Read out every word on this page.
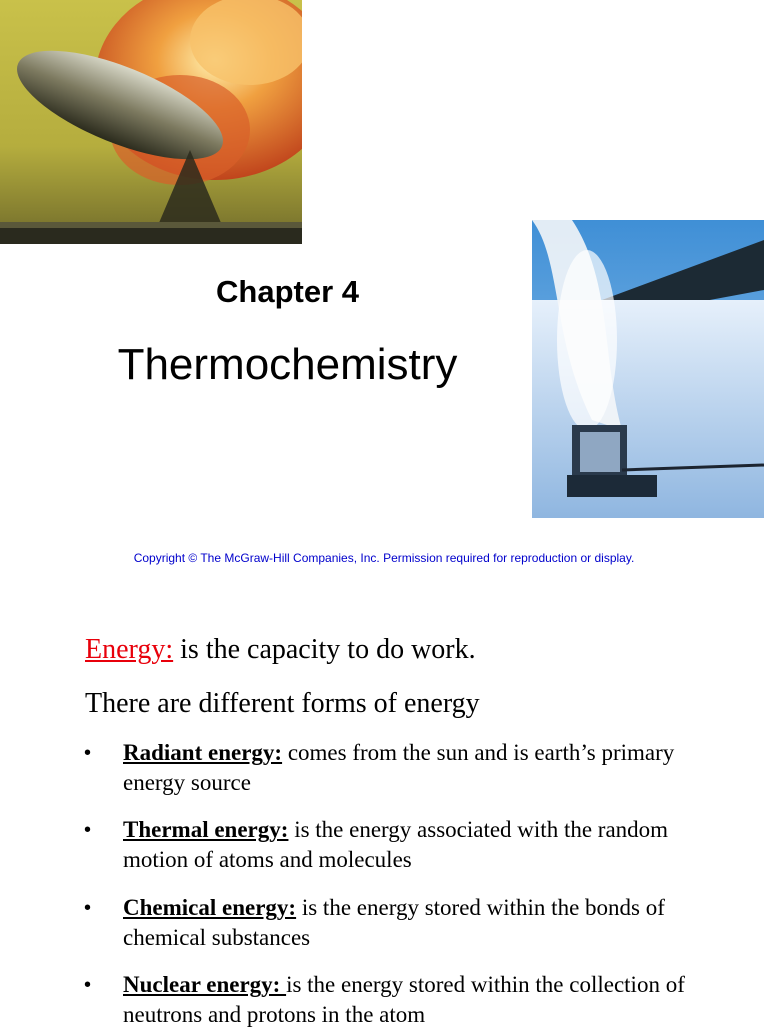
Chapter 4
Thermochemistry
Copyright © The McGraw-Hill Companies, Inc. Permission required for reproduction or display.
Energy: is the capacity to do work.
There are different forms of energy
• Radiant energy: comes from the sun and is earth’s primary energy source
• Thermal energy: is the energy associated with the random motion of atoms and molecules
• Chemical energy: is the energy stored within the bonds of chemical substances
• Nuclear energy: is the energy stored within the collection of neutrons and protons in the atom
